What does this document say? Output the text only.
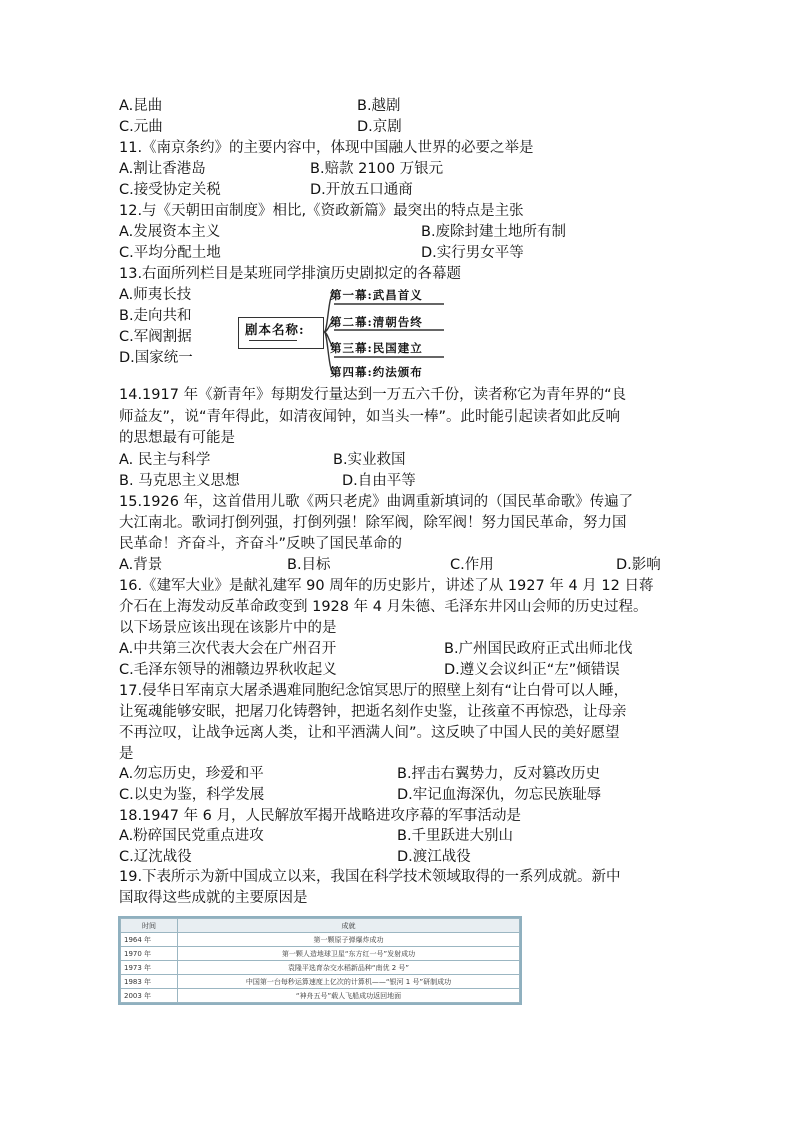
A.昆曲	B.越剧
C.元曲	D.京剧
11.《南京条约》的主要内容中，体现中国融人世界的必要之举是
A.割让香港岛	B.赔款 2100 万银元
C.接受协定关税	D.开放五口通商
12.与《天朝田亩制度》相比,《资政新篇》最突出的特点是主张
A.发展资本主义	B.废除封建土地所有制
C.平均分配土地	D.实行男女平等
13.右面所列栏目是某班同学排演历史剧拟定的各幕题
A.师夷长技
B.走向共和
C.军阀割据
D.国家统一
剧本名称:
第一幕:武昌首义
第二幕:清朝告终
第三幕:民国建立
第四幕:约法颁布
14.1917 年《新青年》每期发行量达到一万五六千份，读者称它为青年界的“良
师益友”，说“青年得此，如清夜闻钟，如当头一棒”。此时能引起读者如此反响
的思想最有可能是
A. 民主与科学	B.实业救国
B. 马克思主义思想	D.自由平等
15.1926 年，这首借用儿歌《两只老虎》曲调重新填词的（国民革命歌》传遍了
大江南北。歌词打倒列强，打倒列强！除军阀，除军阀！努力国民革命，努力国
民革命！齐奋斗，齐奋斗”反映了国民革命的
A.背景	B.目标	C.作用	D.影响
16.《建军大业》是献礼建军 90 周年的历史影片，讲述了从 1927 年 4 月 12 日蒋
介石在上海发动反革命政变到 1928 年 4 月朱德、毛泽东井冈山会师的历史过程。
以下场景应该出现在该影片中的是
A.中共第三次代表大会在广州召开	B.广州国民政府正式出师北伐
C.毛泽东领导的湘赣边界秋收起义	D.遵义会议纠正“左”倾错误
17.侵华日军南京大屠杀遇难同胞纪念馆冥思厅的照壁上刻有“让白骨可以人睡，
让冤魂能够安眠，把屠刀化铸磬钟，把逝名刻作史鉴，让孩童不再惊恐，让母亲
不再泣叹，让战争远离人类，让和平酒满人间”。这反映了中国人民的美好愿望
是
A.勿忘历史，珍爱和平	B.抨击右翼势力，反对篡改历史
C.以史为鉴，科学发展	D.牢记血海深仇，勿忘民族耻辱
18.1947 年 6 月，人民解放军揭开战略进攻序幕的军事活动是
A.粉碎国民党重点进攻	B.千里跃进大别山
C.辽沈战役	D.渡江战役
19.下表所示为新中国成立以来，我国在科学技术领域取得的一系列成就。新中
国取得这些成就的主要原因是
时间	成就
1964 年	第一颗原子弹爆炸成功
1970 年	第一颗人造地球卫星“东方红一号”发射成功
1973 年	袁隆平选育杂交水稻新品种“南优 2 号”
1983 年	中国第一台每秒运算速度上亿次的计算机——“银河 1 号”研制成功
2003 年	“神舟五号”载人飞船成功返回地面
